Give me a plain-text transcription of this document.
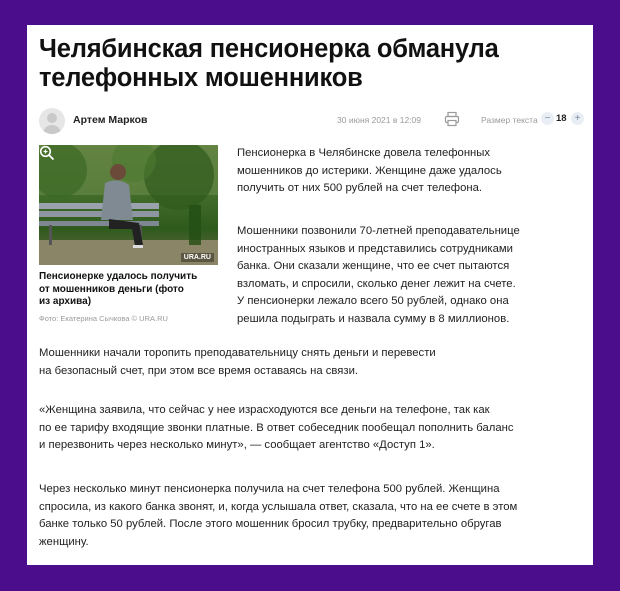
Челябинская пенсионерка обманула
телефонных мошенников
Артем Марков	30 июня 2021 в 12:09	Размер текста − 18 +
URA.RU
Пенсионерке удалось получить
от мошенников деньги (фото
из архива)
Фото: Екатерина Сычкова © URA.RU

Пенсионерка в Челябинске довела телефонных
мошенников до истерики. Женщине даже удалось
получить от них 500 рублей на счет телефона.

Мошенники позвонили 70-летней преподавательнице
иностранных языков и представились сотрудниками
банка. Они сказали женщине, что ее счет пытаются
взломать, и спросили, сколько денег лежит на счете.
У пенсионерки лежало всего 50 рублей, однако она
решила подыграть и назвала сумму в 8 миллионов.

Мошенники начали торопить преподавательницу снять деньги и перевести
на безопасный счет, при этом все время оставаясь на связи.

«Женщина заявила, что сейчас у нее израсходуются все деньги на телефоне, так как
по ее тарифу входящие звонки платные. В ответ собеседник пообещал пополнить баланс
и перезвонить через несколько минут», — сообщает агентство «Доступ 1».

Через несколько минут пенсионерка получила на счет телефона 500 рублей. Женщина
спросила, из какого банка звонят, и, когда услышала ответ, сказала, что на ее счете в этом
банке только 50 рублей. После этого мошенник бросил трубку, предварительно обругав
женщину.
